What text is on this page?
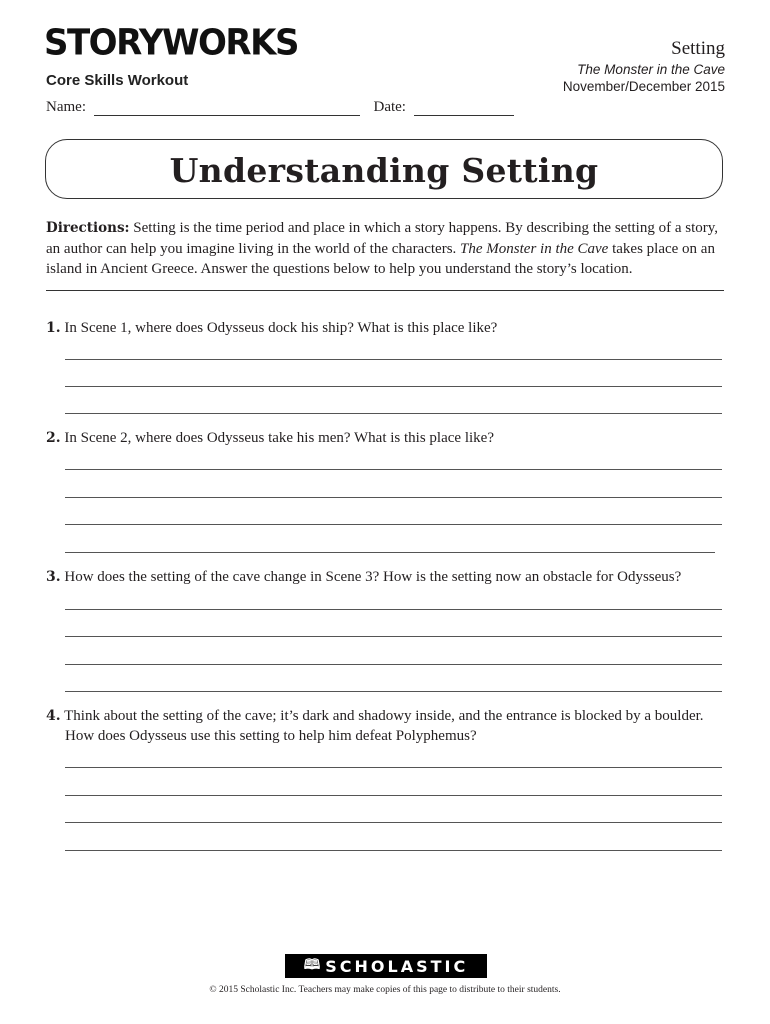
STORYWORKS
Core Skills Workout
Name:	Date:
Setting
The Monster in the Cave
November/December 2015
Understanding Setting
Directions: Setting is the time period and place in which a story happens. By describing the setting of a story, an author can help you imagine living in the world of the characters. The Monster in the Cave takes place on an island in Ancient Greece. Answer the questions below to help you understand the story’s location.
1. In Scene 1, where does Odysseus dock his ship? What is this place like?
2. In Scene 2, where does Odysseus take his men? What is this place like?
3. How does the setting of the cave change in Scene 3? How is the setting now an obstacle for Odysseus?
4. Think about the setting of the cave; it’s dark and shadowy inside, and the entrance is blocked by a boulder.
How does Odysseus use this setting to help him defeat Polyphemus?
🕮 SCHOLASTIC
© 2015 Scholastic Inc. Teachers may make copies of this page to distribute to their students.
